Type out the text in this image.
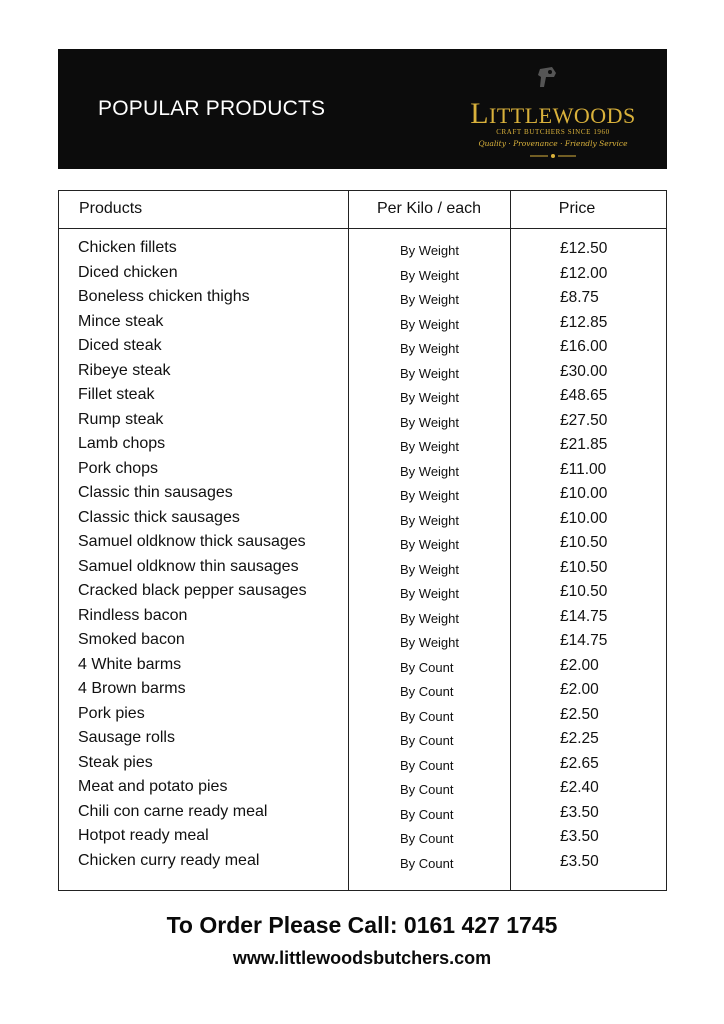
POPULAR PRODUCTS	LITTLEWOODS
CRAFT BUTCHERS SINCE 1960
Quality · Provenance · Friendly Service
Products	Per Kilo / each	Price
Chicken fillets	By Weight	£12.50
Diced chicken	By Weight	£12.00
Boneless chicken thighs	By Weight	£8.75
Mince steak	By Weight	£12.85
Diced steak	By Weight	£16.00
Ribeye steak	By Weight	£30.00
Fillet steak	By Weight	£48.65
Rump steak	By Weight	£27.50
Lamb chops	By Weight	£21.85
Pork chops	By Weight	£11.00
Classic thin sausages	By Weight	£10.00
Classic thick sausages	By Weight	£10.00
Samuel oldknow thick sausages	By Weight	£10.50
Samuel oldknow thin sausages	By Weight	£10.50
Cracked black pepper sausages	By Weight	£10.50
Rindless bacon	By Weight	£14.75
Smoked bacon	By Weight	£14.75
4 White barms	By Count	£2.00
4 Brown barms	By Count	£2.00
Pork pies	By Count	£2.50
Sausage rolls	By Count	£2.25
Steak pies	By Count	£2.65
Meat and potato pies	By Count	£2.40
Chili con carne ready meal	By Count	£3.50
Hotpot ready meal	By Count	£3.50
Chicken curry ready meal	By Count	£3.50
To Order Please Call: 0161 427 1745
www.littlewoodsbutchers.com
